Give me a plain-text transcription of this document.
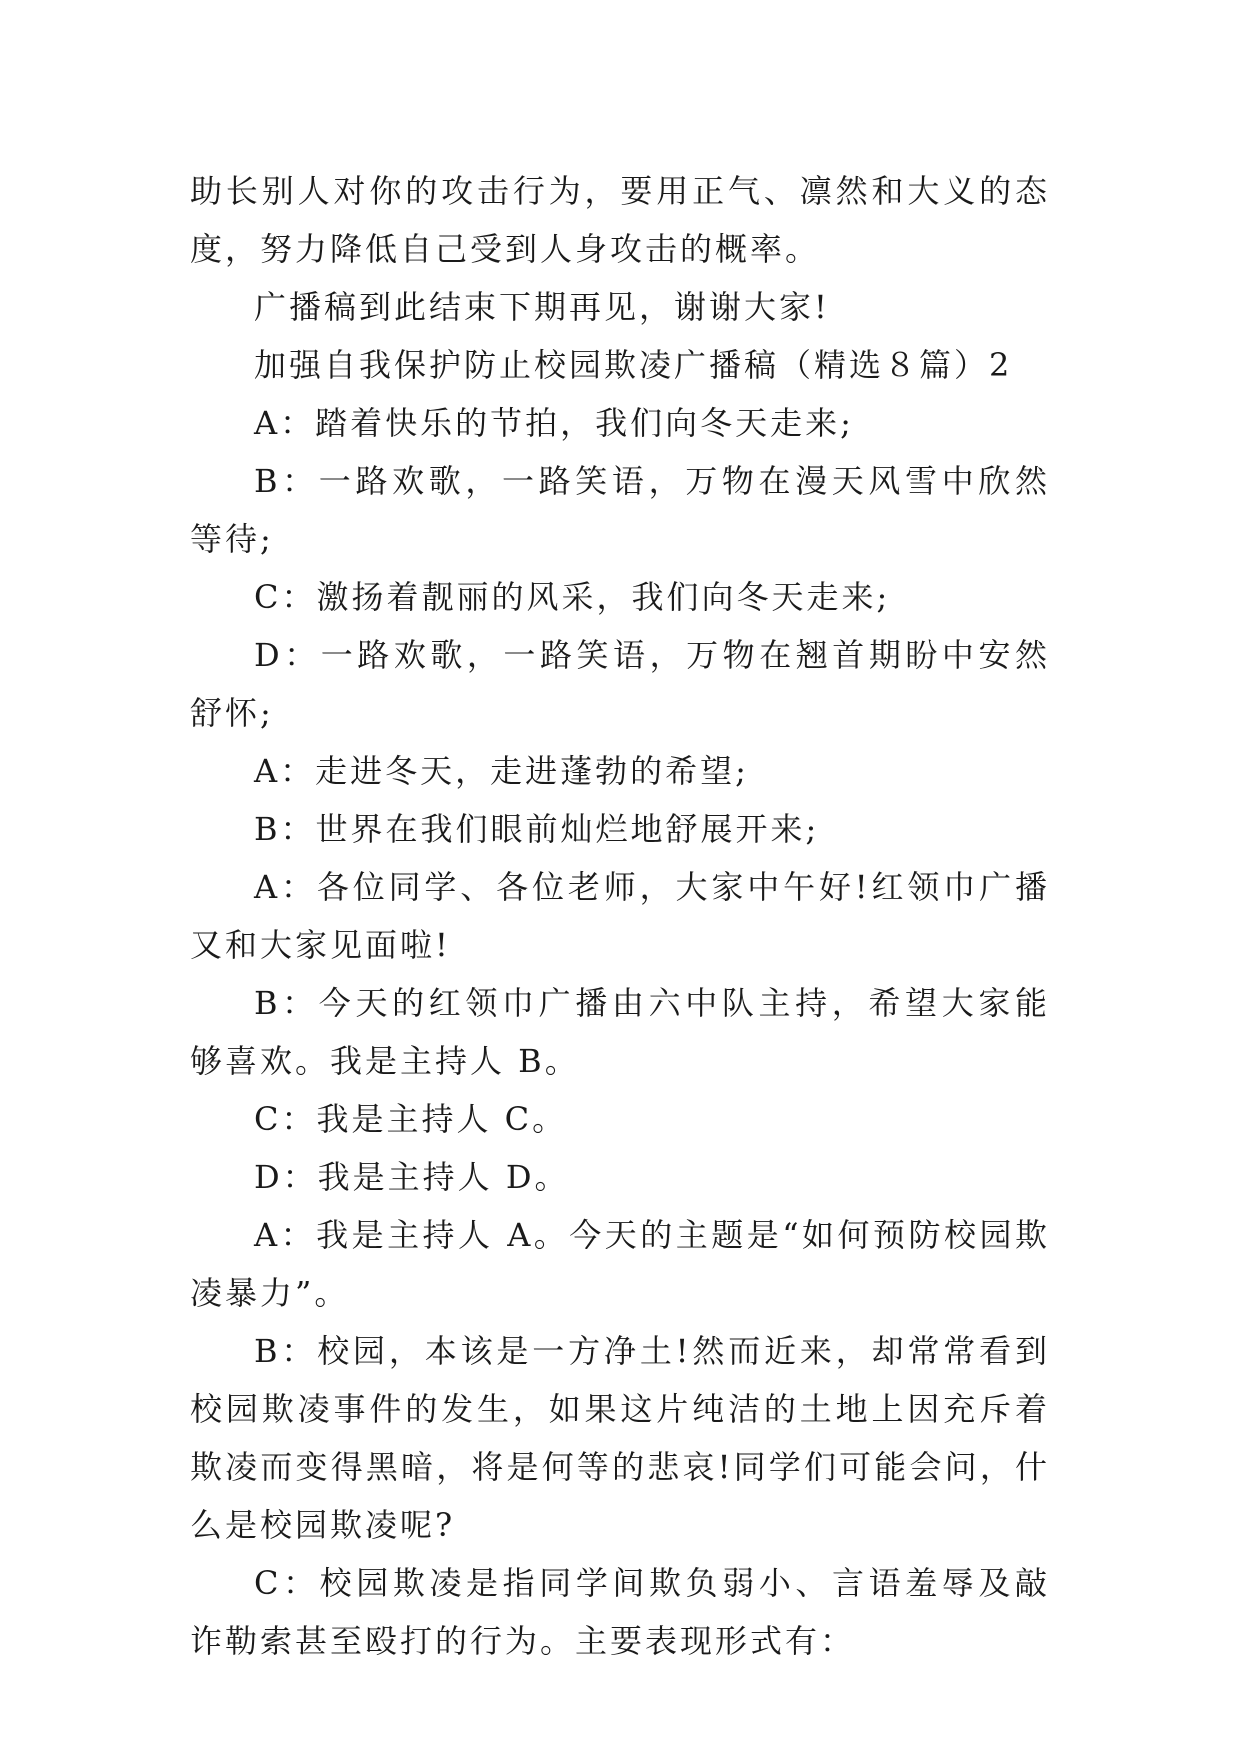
助长别人对你的攻击行为，要用正气、凛然和大义的态度，努力降低自己受到人身攻击的概率。

广播稿到此结束下期再见，谢谢大家!

加强自我保护防止校园欺凌广播稿（精选８篇）2

A：踏着快乐的节拍，我们向冬天走来;

B：一路欢歌，一路笑语，万物在漫天风雪中欣然等待;

C：激扬着靓丽的风采，我们向冬天走来;

D：一路欢歌，一路笑语，万物在翘首期盼中安然舒怀;

A：走进冬天，走进蓬勃的希望;

B：世界在我们眼前灿烂地舒展开来;

A：各位同学、各位老师，大家中午好!红领巾广播又和大家见面啦!

B：今天的红领巾广播由六中队主持，希望大家能够喜欢。我是主持人 B。

C：我是主持人 C。

D：我是主持人 D。

A：我是主持人 A。今天的主题是“如何预防校园欺凌暴力”。

B：校园，本该是一方净土!然而近来，却常常看到校园欺凌事件的发生，如果这片纯洁的土地上因充斥着欺凌而变得黑暗，将是何等的悲哀!同学们可能会问，什么是校园欺凌呢?

C：校园欺凌是指同学间欺负弱小、言语羞辱及敲诈勒索甚至殴打的行为。主要表现形式有：
